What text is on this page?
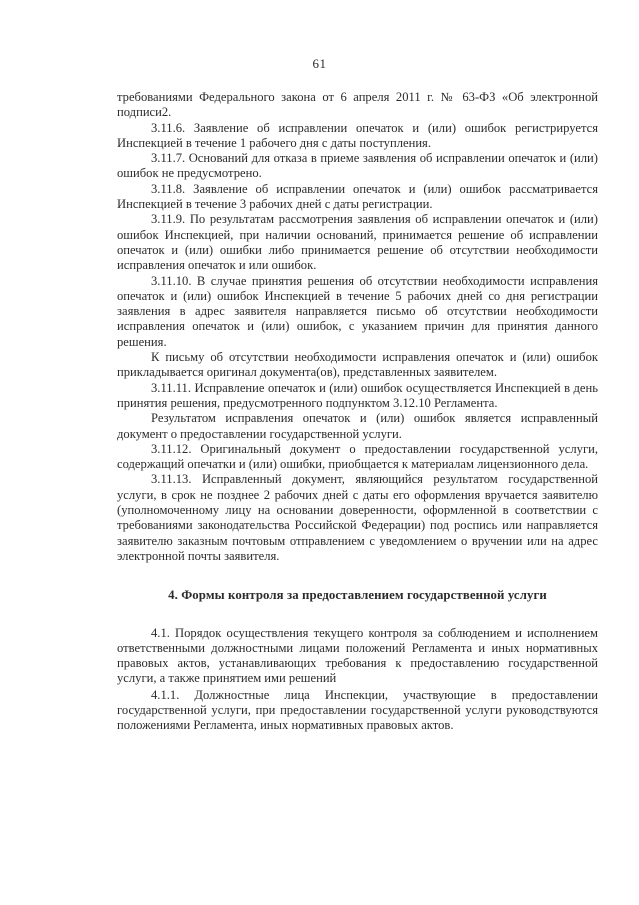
61

требованиями Федерального закона от 6 апреля 2011 г. № 63-ФЗ «Об электронной подписи2.

3.11.6. Заявление об исправлении опечаток и (или) ошибок регистрируется Инспекцией в течение 1 рабочего дня с даты поступления.

3.11.7. Оснований для отказа в приеме заявления об исправлении опечаток и (или) ошибок не предусмотрено.

3.11.8. Заявление об исправлении опечаток и (или) ошибок рассматривается Инспекцией в течение 3 рабочих дней с даты регистрации.

3.11.9. По результатам рассмотрения заявления об исправлении опечаток и (или) ошибок Инспекцией, при наличии оснований, принимается решение об исправлении опечаток и (или) ошибки либо принимается решение об отсутствии необходимости исправления опечаток и или ошибок.

3.11.10. В случае принятия решения об отсутствии необходимости исправления опечаток и (или) ошибок Инспекцией в течение 5 рабочих дней со дня регистрации заявления в адрес заявителя направляется письмо об отсутствии необходимости исправления опечаток и (или) ошибок, с указанием причин для принятия данного решения.

К письму об отсутствии необходимости исправления опечаток и (или) ошибок прикладывается оригинал документа(ов), представленных заявителем.

3.11.11. Исправление опечаток и (или) ошибок осуществляется Инспекцией в день принятия решения, предусмотренного подпунктом 3.12.10 Регламента.

Результатом исправления опечаток и (или) ошибок является исправленный документ о предоставлении государственной услуги.

3.11.12. Оригинальный документ о предоставлении государственной услуги, содержащий опечатки и (или) ошибки, приобщается к материалам лицензионного дела.

3.11.13. Исправленный документ, являющийся результатом государственной услуги, в срок не позднее 2 рабочих дней с даты его оформления вручается заявителю (уполномоченному лицу на основании доверенности, оформленной в соответствии с требованиями законодательства Российской Федерации) под роспись или направляется заявителю заказным почтовым отправлением с уведомлением о вручении или на адрес электронной почты заявителя.

4. Формы контроля за предоставлением государственной услуги

4.1. Порядок осуществления текущего контроля за соблюдением и исполнением ответственными должностными лицами положений Регламента и иных нормативных правовых актов, устанавливающих требования к предоставлению государственной услуги, а также принятием ими решений

4.1.1. Должностные лица Инспекции, участвующие в предоставлении государственной услуги, при предоставлении государственной услуги руководствуются положениями Регламента, иных нормативных правовых актов.
